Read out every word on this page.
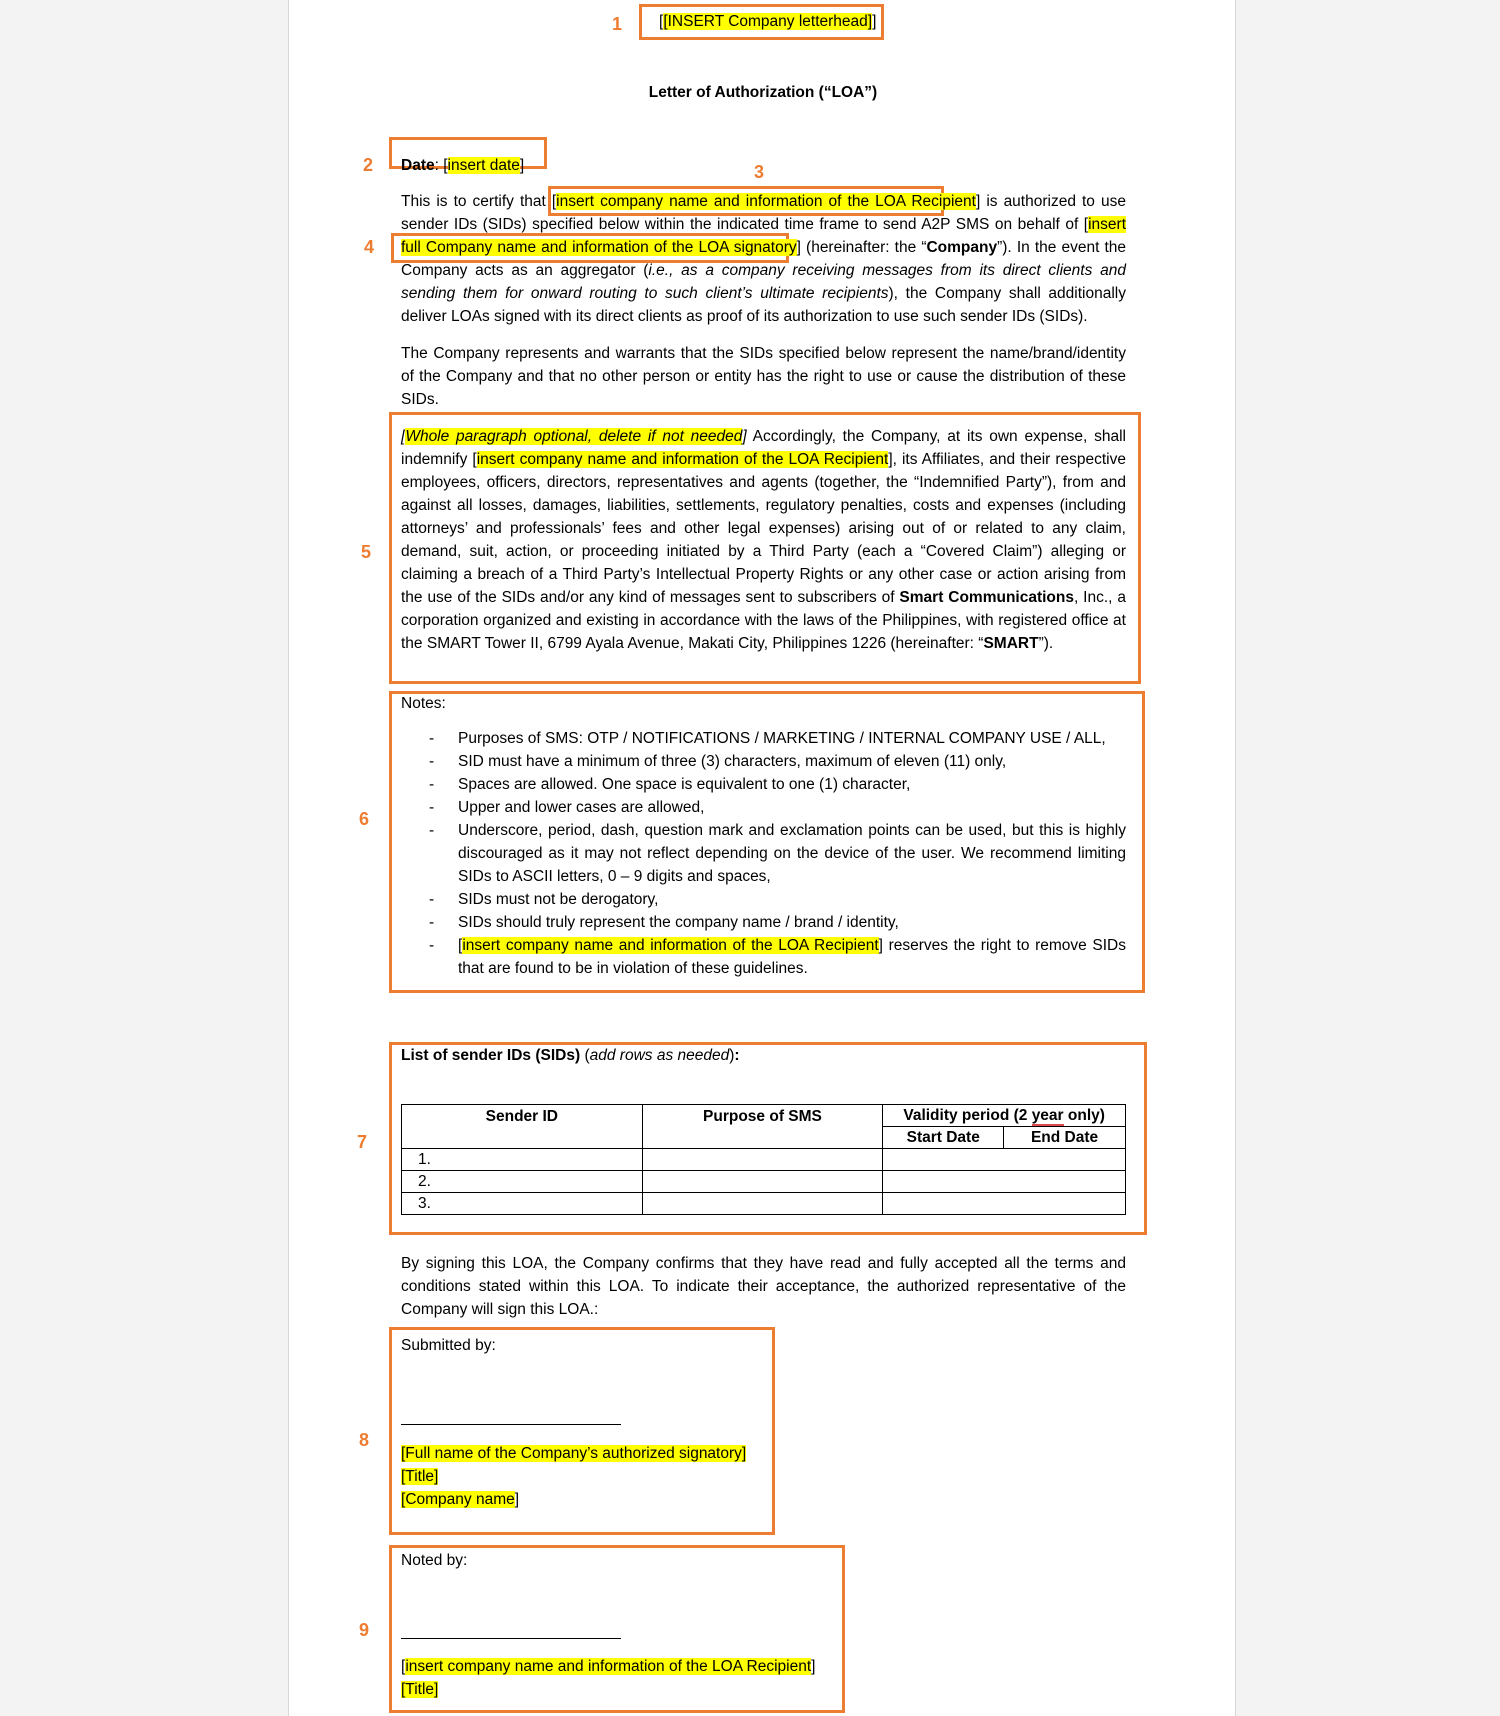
1 [[INSERT Company letterhead]]
Letter of Authorization (“LOA”)
2 Date: [insert date]	3
4

This is to certify that [insert company name and information of the LOA Recipient] is authorized to use sender IDs (SIDs) specified below within the indicated time frame to send A2P SMS on behalf of [insert full Company name and information of the LOA signatory] (hereinafter: the “Company”). In the event the Company acts as an aggregator (i.e., as a company receiving messages from its direct clients and sending them for onward routing to such client’s ultimate recipients), the Company shall additionally deliver LOAs signed with its direct clients as proof of its authorization to use such sender IDs (SIDs).

The Company represents and warrants that the SIDs specified below represent the name/brand/identity of the Company and that no other person or entity has the right to use or cause the distribution of these SIDs.

5

[Whole paragraph optional, delete if not needed] Accordingly, the Company, at its own expense, shall indemnify [insert company name and information of the LOA Recipient], its Affiliates, and their respective employees, officers, directors, representatives and agents (together, the “Indemnified Party”), from and against all losses, damages, liabilities, settlements, regulatory penalties, costs and expenses (including attorneys’ and professionals’ fees and other legal expenses) arising out of or related to any claim, demand, suit, action, or proceeding initiated by a Third Party (each a “Covered Claim”) alleging or claiming a breach of a Third Party’s Intellectual Property Rights or any other case or action arising from the use of the SIDs and/or any kind of messages sent to subscribers of Smart Communications, Inc., a corporation organized and existing in accordance with the laws of the Philippines, with registered office at the SMART Tower II, 6799 Ayala Avenue, Makati City, Philippines 1226 (hereinafter: “SMART”).

6
Notes:
- Purposes of SMS: OTP / NOTIFICATIONS / MARKETING / INTERNAL COMPANY USE / ALL,
- SID must have a minimum of three (3) characters, maximum of eleven (11) only,
- Spaces are allowed. One space is equivalent to one (1) character,
- Upper and lower cases are allowed,
- Underscore, period, dash, question mark and exclamation points can be used, but this is highly discouraged as it may not reflect depending on the device of the user. We recommend limiting SIDs to ASCII letters, 0 – 9 digits and spaces,
- SIDs must not be derogatory,
- SIDs should truly represent the company name / brand / identity,
- [insert company name and information of the LOA Recipient] reserves the right to remove SIDs that are found to be in violation of these guidelines.
7
List of sender IDs (SIDs) (add rows as needed):
Sender ID	Purpose of SMS	Validity period (2 year only)	
		Start Date	End Date
1.			
2.			
3.			

By signing this LOA, the Company confirms that they have read and fully accepted all the terms and conditions stated within this LOA. To indicate their acceptance, the authorized representative of the Company will sign this LOA.:

8
Submitted by:
[Full name of the Company’s authorized signatory]
[Title]
[Company name]
9
Noted by:
[insert company name and information of the LOA Recipient]
[Title]
